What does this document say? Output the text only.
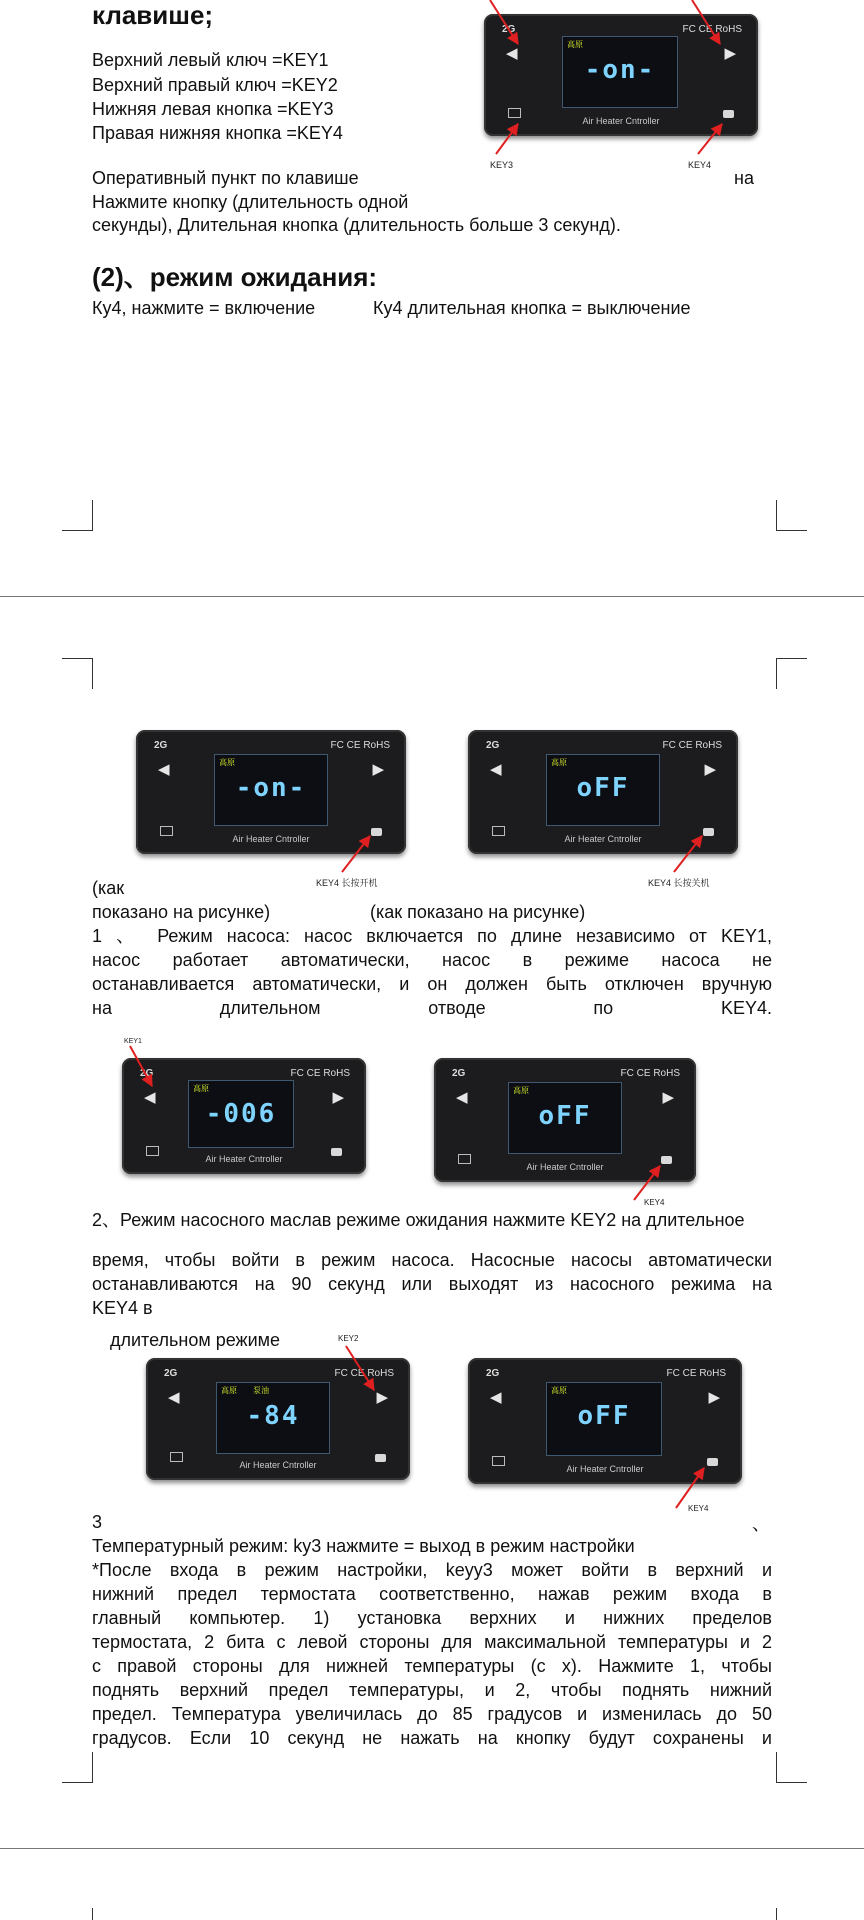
клавише;
Верхний левый ключ =KEY1
Верхний правый ключ =KEY2
Нижняя левая кнопка =KEY3
Правая нижняя кнопка =KEY4
2G	FC CE RoHS
◀	▶
高原
-on-
Air Heater Cntroller
KEY3	KEY4
Оперативный пункт по клавише	на
Нажмите кнопку (длительность одной
секунды), Длительная кнопка (длительность больше 3 секунд).
(2)、режим ожидания:
Ку4, нажмите = включение	Ку4 длительная кнопка = выключение
2G	FC CE RoHS
◀	▶
高原
-on-
Air Heater Cntroller
2G	FC CE RoHS
◀	▶
高原
oFF
Air Heater Cntroller
KEY4 长按开机	KEY4 长按关机
(как
показано на рисунке)	(как показано на рисунке)
1 、 Режим насоса: насос включается по длине независимо от KEY1,
насос работает автоматически, насос в режиме насоса не
останавливается автоматически, и он должен быть отключен вручную
на длительном отводе по KEY4.
KEY1
2G	FC CE RoHS
◀	▶
高原
-006
Air Heater Cntroller
2G	FC CE RoHS
◀	▶
高原
oFF
Air Heater Cntroller
KEY4
2、Режим насосного маслав режиме ожидания нажмите KEY2 на длительное
время, чтобы войти в режим насоса. Насосные насосы автоматически
останавливаются на 90 секунд или выходят из насосного режима на
KEY4 в
длительном режиме	KEY2
2G	FC CE RoHS
◀	▶
高原 泵油
-84
Air Heater Cntroller
2G	FC CE RoHS
◀	▶
高原
oFF
Air Heater Cntroller
KEY4
3	、
Температурный режим: ky3 нажмите = выход в режим настройки
*После входа в режим настройки, keyy3 может войти в верхний и
нижний предел термостата соответственно, нажав режим входа в
главный компьютер. 1) установка верхних и нижних пределов
термостата, 2 бита с левой стороны для максимальной температуры и 2
с правой стороны для нижней температуры (с x). Нажмите 1, чтобы
поднять верхний предел температуры, и 2, чтобы поднять нижний
предел. Температура увеличилась до 85 градусов и изменилась до 50
градусов. Если 10 секунд не нажать на кнопку будут сохранены и
